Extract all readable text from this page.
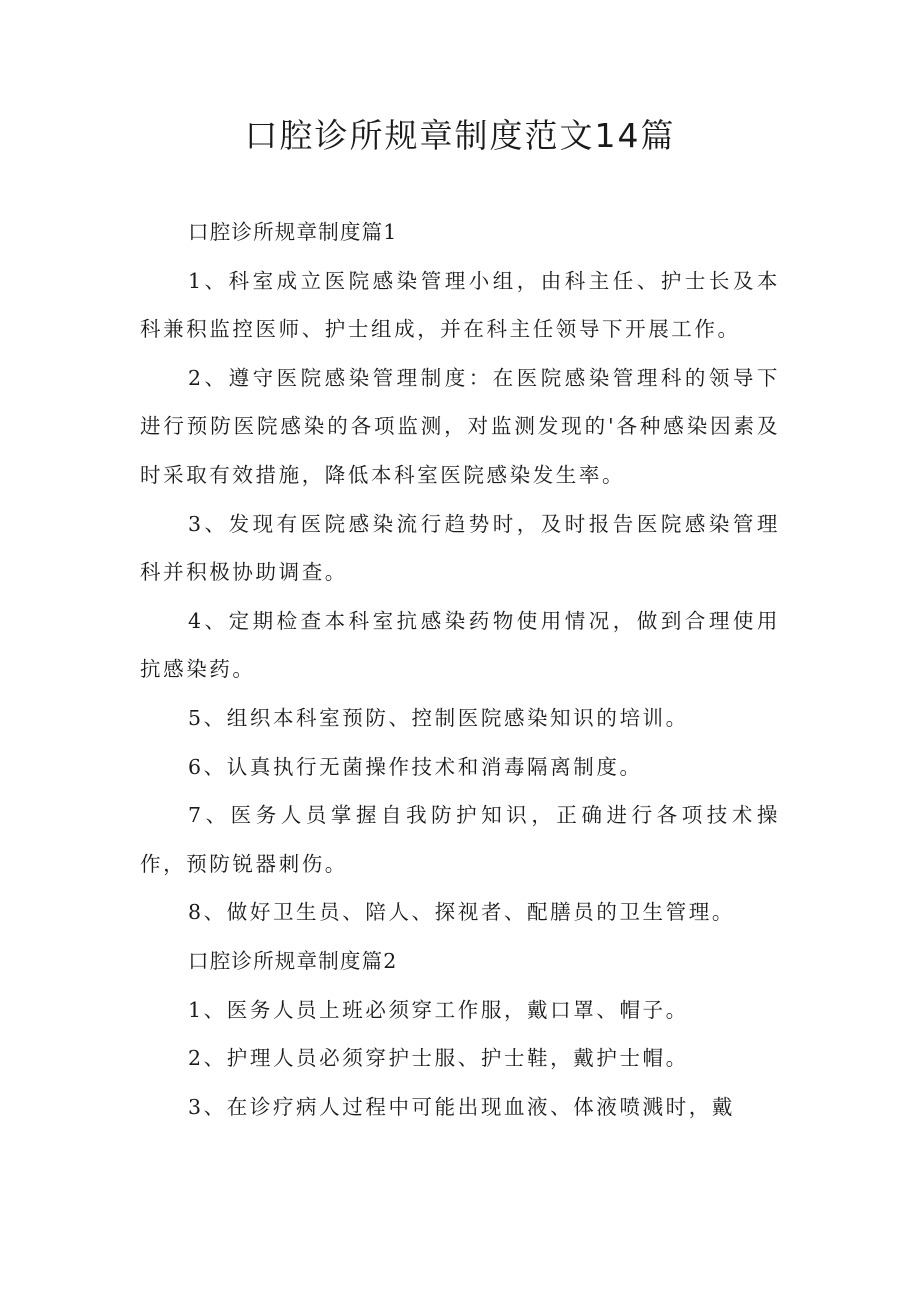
口腔诊所规章制度范文14篇

口腔诊所规章制度篇1

1、科室成立医院感染管理小组，由科主任、护士长及本科兼积监控医师、护士组成，并在科主任领导下开展工作。

2、遵守医院感染管理制度：在医院感染管理科的领导下进行预防医院感染的各项监测，对监测发现的'各种感染因素及时采取有效措施，降低本科室医院感染发生率。

3、发现有医院感染流行趋势时，及时报告医院感染管理科并积极协助调查。

4、定期检查本科室抗感染药物使用情况，做到合理使用抗感染药。

5、组织本科室预防、控制医院感染知识的培训。

6、认真执行无菌操作技术和消毒隔离制度。

7、医务人员掌握自我防护知识，正确进行各项技术操作，预防锐器刺伤。

8、做好卫生员、陪人、探视者、配膳员的卫生管理。

口腔诊所规章制度篇2

1、医务人员上班必须穿工作服，戴口罩、帽子。

2、护理人员必须穿护士服、护士鞋，戴护士帽。

3、在诊疗病人过程中可能出现血液、体液喷溅时，戴
